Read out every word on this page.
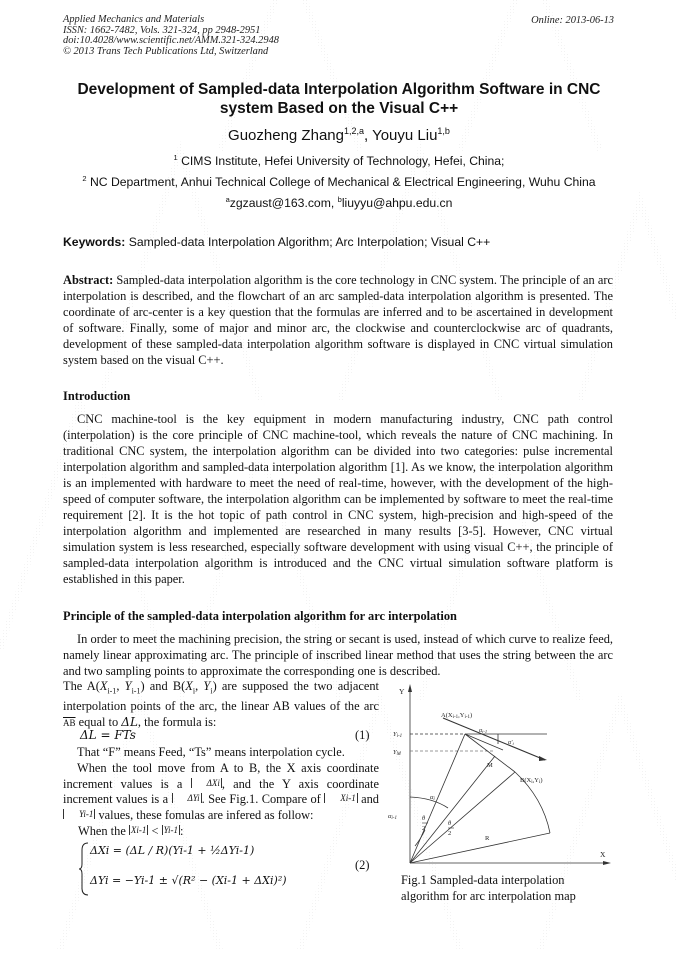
Applied Mechanics and Materials
ISSN: 1662-7482, Vols. 321-324, pp 2948-2951
doi:10.4028/www.scientific.net/AMM.321-324.2948
© 2013 Trans Tech Publications Ltd, Switzerland
Online: 2013-06-13
Development of Sampled-data Interpolation Algorithm Software in CNC
system Based on the Visual C++
Guozheng Zhang$^{1,2,a}$, Youyu Liu$^{1,b}$
$^1$ CIMS Institute, Hefei University of Technology, Hefei, China;
$^2$ NC Department, Anhui Technical College of Mechanical & Electrical Engineering, Wuhu China
$^a$zgzaust@163.com, $^b$liuyyu@ahpu.edu.cn
Keywords: Sampled-data Interpolation Algorithm; Arc Interpolation; Visual C++
Abstract: Sampled-data interpolation algorithm is the core technology in CNC system. The principle of an arc interpolation is described, and the flowchart of an arc sampled-data interpolation algorithm is presented. The coordinate of arc-center is a key question that the formulas are inferred and to be ascertained in development of software. Finally, some of major and minor arc, the clockwise and counterclockwise arc of quadrants, development of these sampled-data interpolation algorithm software is displayed in CNC virtual simulation system based on the visual C++.
Introduction
CNC machine-tool is the key equipment in modern manufacturing industry, CNC path control (interpolation) is the core principle of CNC machine-tool, which reveals the nature of CNC machining. In traditional CNC system, the interpolation algorithm can be divided into two categories: pulse incremental interpolation algorithm and sampled-data interpolation algorithm [1]. As we know, the interpolation algorithm is an implemented with hardware to meet the need of real-time, however, with the development of the high-speed of computer software, the interpolation algorithm can be implemented by software to meet the real-time requirement [2]. It is the hot topic of path control in CNC system, high-precision and high-speed of the interpolation algorithm and implemented are researched in many results [3-5]. However, CNC virtual simulation system is less researched, especially software development with using visual C++, the principle of sampled-data interpolation algorithm is introduced and the CNC virtual simulation software platform is established in this paper.
Principle of the sampled-data interpolation algorithm for arc interpolation
In order to meet the machining precision, the string or secant is used, instead of which curve to realize feed, namely linear approximating arc. The principle of inscribed linear method that uses the string between the arc and two sampling points to approximate the corresponding one is described.
The $A(X_{i-1}$, $Y_{i-1}$) and $B(X_i$, $Y_i$) are supposed the two adjacent interpolation points of the arc, the linear AB values of the arc $\overline{AB}$ equal to ΔL, the formula is:
ΔL = FTs	(1)
That “F” means Feed, “Ts” means interpolation cycle.
When the tool move from A to B, the X axis coordinate increment values is a ΔXi , and the Y axis coordinate increment values is a ΔYi . See Fig.1. Compare of Xi-1 and Yi-1 values, these fomulas are infered as follow:
When the Xi-1 < Yi-1 :
ΔXi = (ΔL / R)(Yi-1 + ½ΔYi-1)
ΔYi = −Yi-1 ± √(R² − (Xi-1 + ΔXi)²)
(2)
Y
X
A(Xi-1,Yi-1)
B(Xi,Yi)
M
Yi-1
YM
αi-1
α'i
αi
αi-1	θ
2
θ
2
R
Fig.1 Sampled-data interpolation
algorithm for arc interpolation map
